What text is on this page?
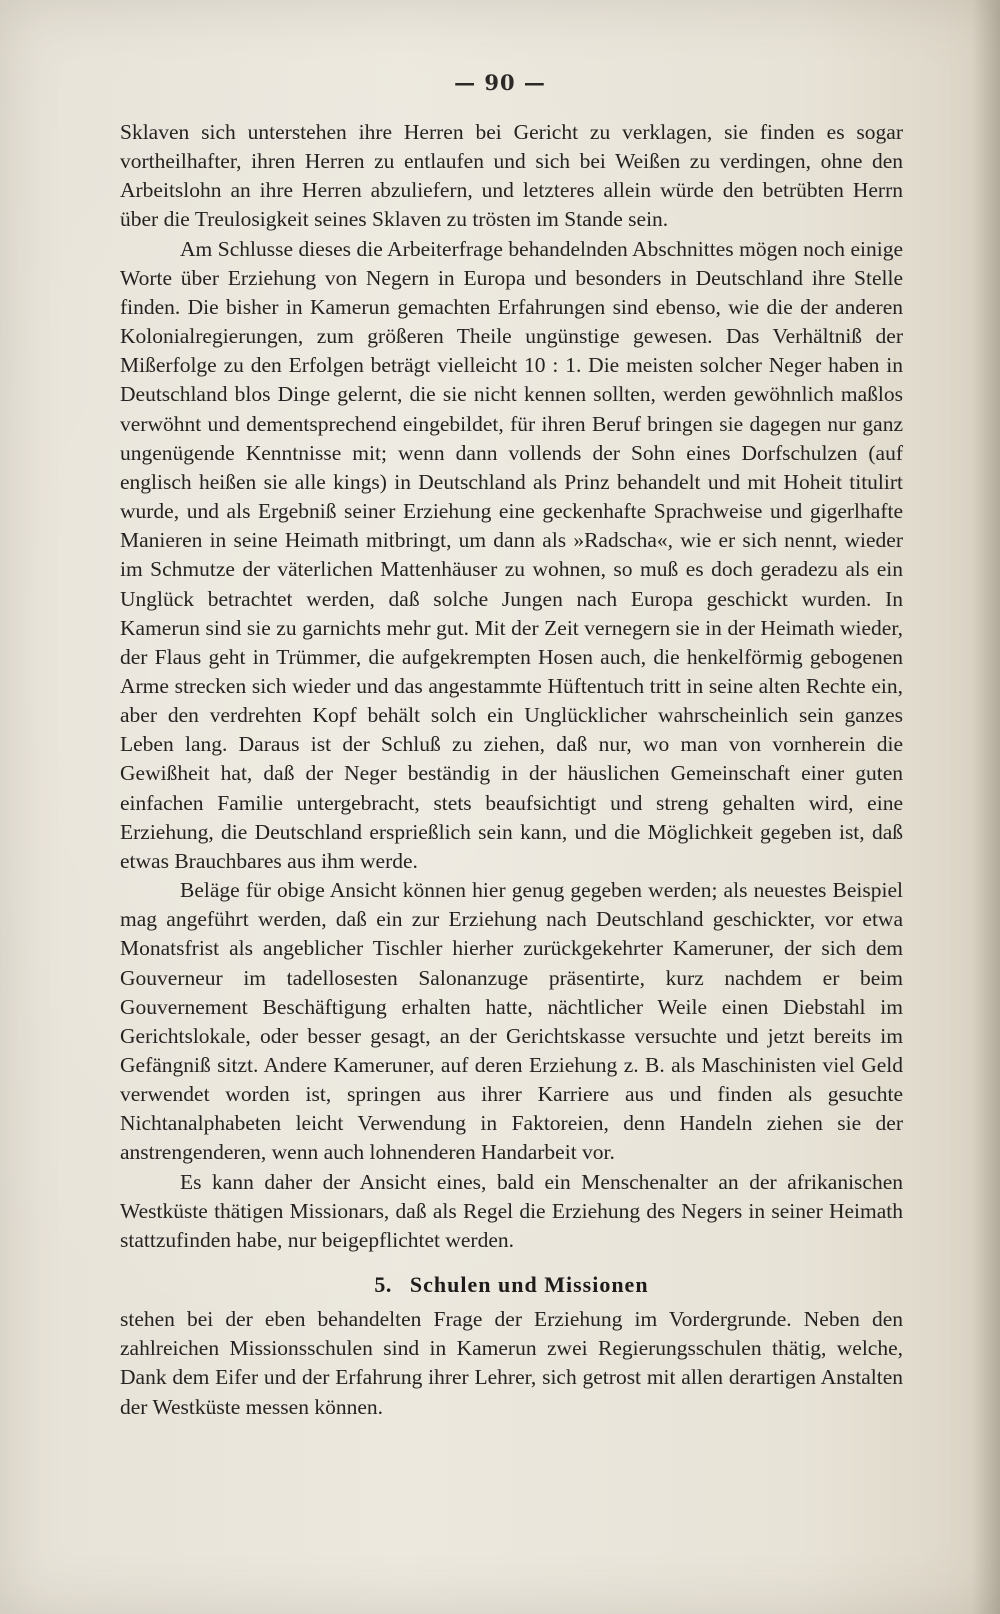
— 90 —

Sklaven sich unterstehen ihre Herren bei Gericht zu verklagen, sie finden es sogar vortheilhafter, ihren Herren zu entlaufen und sich bei Weißen zu verdingen, ohne den Arbeitslohn an ihre Herren abzuliefern, und letzteres allein würde den betrübten Herrn über die Treulosigkeit seines Sklaven zu trösten im Stande sein.

Am Schlusse dieses die Arbeiterfrage behandelnden Abschnittes mögen noch einige Worte über Erziehung von Negern in Europa und besonders in Deutschland ihre Stelle finden. Die bisher in Kamerun gemachten Erfahrungen sind ebenso, wie die der anderen Kolonialregierungen, zum größeren Theile ungünstige gewesen. Das Verhältniß der Mißerfolge zu den Erfolgen beträgt vielleicht 10 : 1. Die meisten solcher Neger haben in Deutschland blos Dinge gelernt, die sie nicht kennen sollten, werden gewöhnlich maßlos verwöhnt und dementsprechend eingebildet, für ihren Beruf bringen sie dagegen nur ganz ungenügende Kenntnisse mit; wenn dann vollends der Sohn eines Dorfschulzen (auf englisch heißen sie alle kings) in Deutschland als Prinz behandelt und mit Hoheit titulirt wurde, und als Ergebniß seiner Erziehung eine geckenhafte Sprachweise und gigerlhafte Manieren in seine Heimath mitbringt, um dann als »Radscha«, wie er sich nennt, wieder im Schmutze der väterlichen Mattenhäuser zu wohnen, so muß es doch geradezu als ein Unglück betrachtet werden, daß solche Jungen nach Europa geschickt wurden. In Kamerun sind sie zu garnichts mehr gut. Mit der Zeit vernegern sie in der Heimath wieder, der Flaus geht in Trümmer, die aufgekrempten Hosen auch, die henkelförmig gebogenen Arme strecken sich wieder und das angestammte Hüftentuch tritt in seine alten Rechte ein, aber den verdrehten Kopf behält solch ein Unglücklicher wahrscheinlich sein ganzes Leben lang. Daraus ist der Schluß zu ziehen, daß nur, wo man von vornherein die Gewißheit hat, daß der Neger beständig in der häuslichen Gemeinschaft einer guten einfachen Familie untergebracht, stets beaufsichtigt und streng gehalten wird, eine Erziehung, die Deutschland ersprießlich sein kann, und die Möglichkeit gegeben ist, daß etwas Brauchbares aus ihm werde.

Beläge für obige Ansicht können hier genug gegeben werden; als neuestes Beispiel mag angeführt werden, daß ein zur Erziehung nach Deutschland geschickter, vor etwa Monatsfrist als angeblicher Tischler hierher zurückgekehrter Kameruner, der sich dem Gouverneur im tadellosesten Salonanzuge präsentirte, kurz nachdem er beim Gouvernement Beschäftigung erhalten hatte, nächtlicher Weile einen Diebstahl im Gerichtslokale, oder besser gesagt, an der Gerichtskasse versuchte und jetzt bereits im Gefängniß sitzt. Andere Kameruner, auf deren Erziehung z. B. als Maschinisten viel Geld verwendet worden ist, springen aus ihrer Karriere aus und finden als gesuchte Nichtanalphabeten leicht Verwendung in Faktoreien, denn Handeln ziehen sie der anstrengenderen, wenn auch lohnenderen Handarbeit vor.

Es kann daher der Ansicht eines, bald ein Menschenalter an der afrikanischen Westküste thätigen Missionars, daß als Regel die Erziehung des Negers in seiner Heimath stattzufinden habe, nur beigepflichtet werden.

5. Schulen und Missionen

stehen bei der eben behandelten Frage der Erziehung im Vordergrunde. Neben den zahlreichen Missionsschulen sind in Kamerun zwei Regierungsschulen thätig, welche, Dank dem Eifer und der Erfahrung ihrer Lehrer, sich getrost mit allen derartigen Anstalten der Westküste messen können.
